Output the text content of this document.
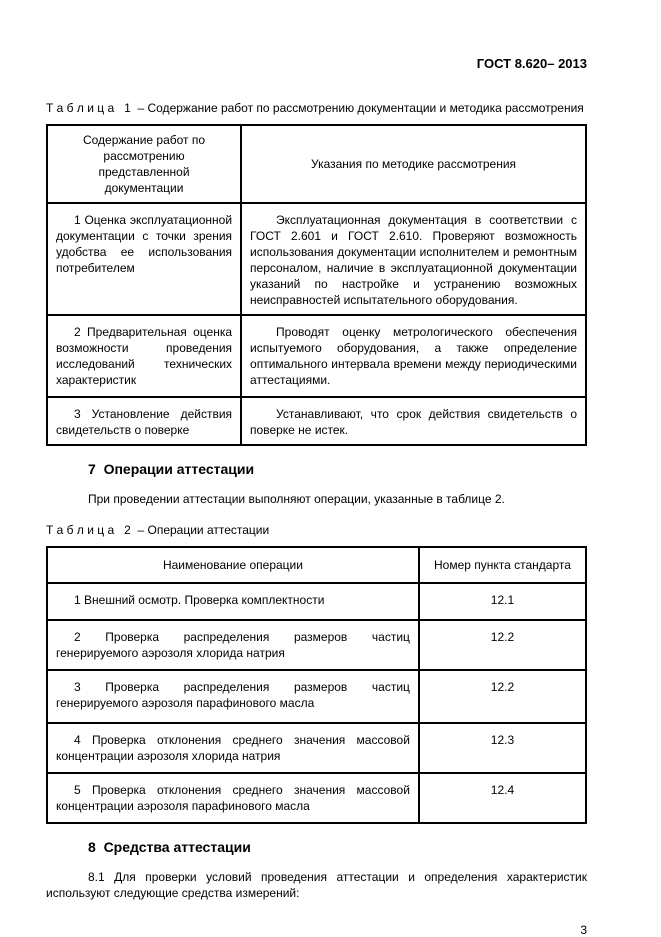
ГОСТ 8.620– 2013
Т а б л и ц а   1  – Содержание работ по рассмотрению документации и методика рассмотрения
Содержание работ по рассмотрению представленной документации	Указания по методике рассмотрения
1 Оценка эксплуатационной документации с точки зрения удобства ее использования потребителем	Эксплуатационная документация в соответствии с ГОСТ 2.601 и ГОСТ 2.610. Проверяют возможность использования документации исполнителем и ремонтным персоналом, наличие в эксплуатационной документации указаний по настройке и устранению возможных неисправностей испытательного оборудования.
2 Предварительная оценка возможности проведения исследований технических характеристик	Проводят оценку метрологического обеспечения испытуемого оборудования, а также определение оптимального интервала времени между периодическими аттестациями.
3 Установление действия свидетельств о поверке	Устанавливают, что срок действия свидетельств о поверке не истек.
7  Операции аттестации
При проведении аттестации выполняют операции, указанные в таблице 2.
Т а б л и ц а   2  – Операции аттестации
Наименование операции	Номер пункта стандарта
1 Внешний осмотр. Проверка комплектности	12.1
2 Проверка распределения размеров частиц генерируемого аэрозоля хлорида натрия	12.2
3 Проверка распределения размеров частиц генерируемого аэрозоля парафинового масла	12.2
4 Проверка отклонения среднего значения массовой концентрации аэрозоля хлорида натрия	12.3
5 Проверка отклонения среднего значения массовой концентрации аэрозоля парафинового масла	12.4
8  Средства аттестации
8.1 Для проверки условий проведения аттестации и определения характеристик используют следующие средства измерений:
3
